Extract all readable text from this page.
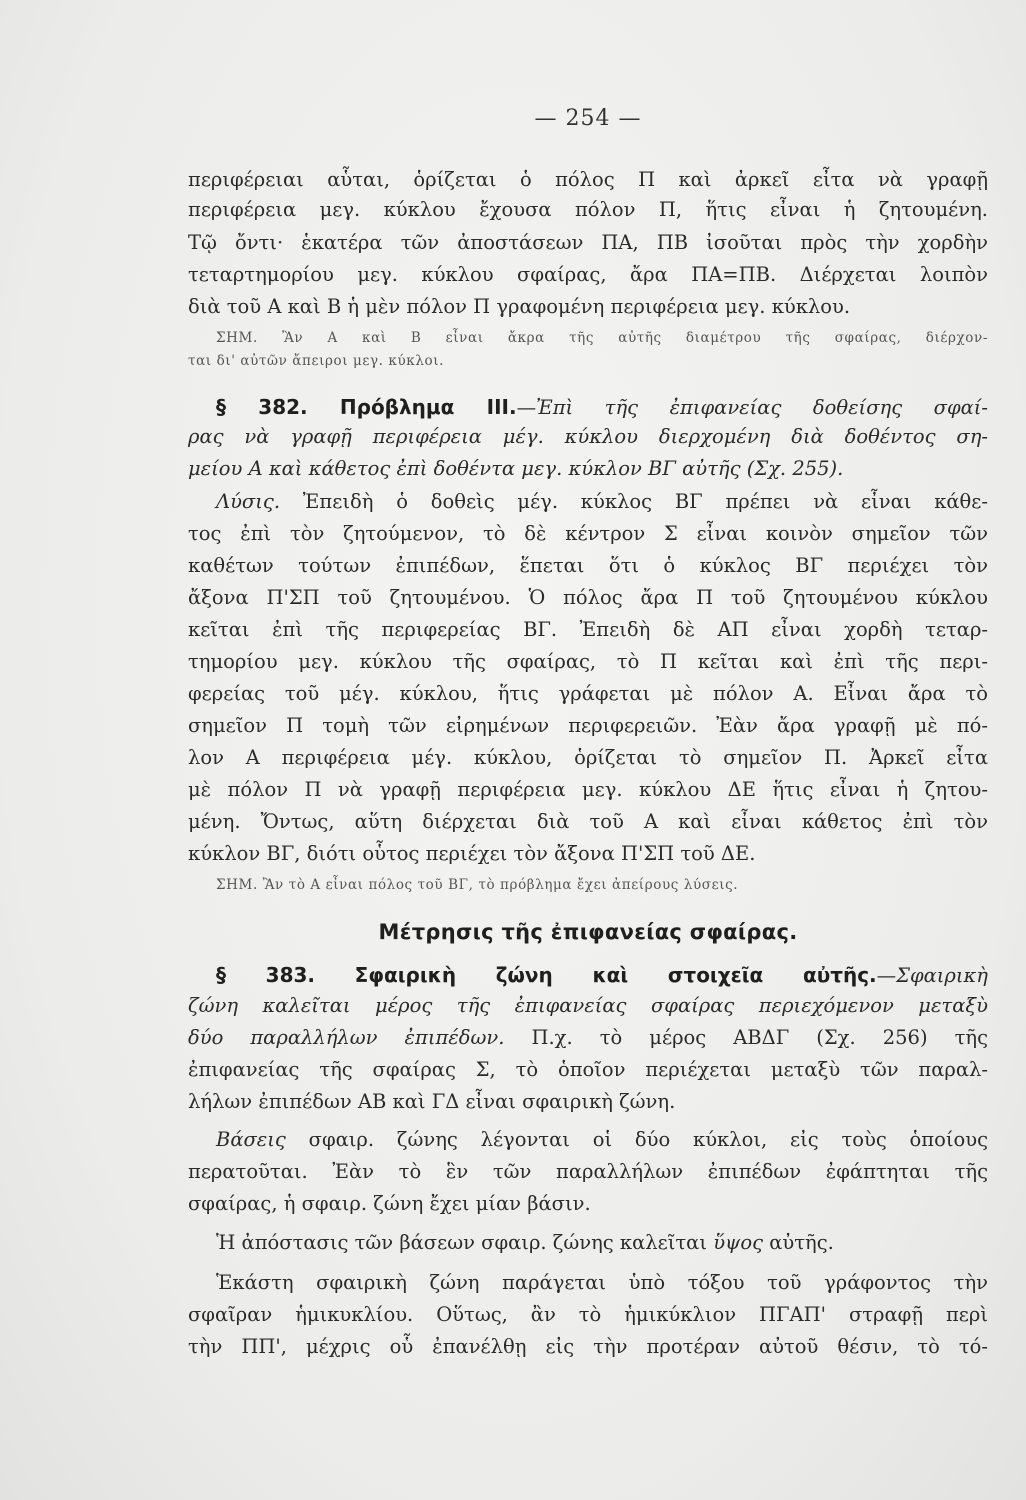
— 254 —
περιφέρειαι αὗται, ὁρίζεται ὁ πόλος Π καὶ ἀρκεῖ εἶτα νὰ γραφῇ
περιφέρεια μεγ. κύκλου ἔχουσα πόλον Π, ἥτις εἶναι ἡ ζητουμένη.
Τῷ ὄντι· ἑκατέρα τῶν ἀποστάσεων ΠΑ, ΠΒ ἰσοῦται πρὸς τὴν χορδὴν
τεταρτημορίου μεγ. κύκλου σφαίρας, ἄρα ΠΑ=ΠΒ. Διέρχεται λοιπὸν
διὰ τοῦ Α καὶ Β ἡ μὲν πόλον Π γραφομένη περιφέρεια μεγ. κύκλου.
ΣΗΜ. Ἂν Α καὶ Β εἶναι ἄκρα τῆς αὐτῆς διαμέτρου τῆς σφαίρας, διέρχον-
ται δι' αὐτῶν ἄπειροι μεγ. κύκλοι.
§ 382. Πρόβλημα ΙΙΙ.—Ἐπὶ τῆς ἐπιφανείας δοθείσης σφαί-
ρας νὰ γραφῇ περιφέρεια μέγ. κύκλου διερχομένη διὰ δοθέντος ση-
μείου Α καὶ κάθετος ἐπὶ δοθέντα μεγ. κύκλον ΒΓ αὐτῆς (Σχ. 255).
Λύσις. Ἐπειδὴ ὁ δοθεὶς μέγ. κύκλος ΒΓ πρέπει νὰ εἶναι κάθε-
τος ἐπὶ τὸν ζητούμενον, τὸ δὲ κέντρον Σ εἶναι κοινὸν σημεῖον τῶν
καθέτων τούτων ἐπιπέδων, ἕπεται ὅτι ὁ κύκλος ΒΓ περιέχει τὸν
ἄξονα Π'ΣΠ τοῦ ζητουμένου. Ὁ πόλος ἄρα Π τοῦ ζητουμένου κύκλου
κεῖται ἐπὶ τῆς περιφερείας ΒΓ. Ἐπειδὴ δὲ ΑΠ εἶναι χορδὴ τεταρ-
τημορίου μεγ. κύκλου τῆς σφαίρας, τὸ Π κεῖται καὶ ἐπὶ τῆς περι-
φερείας τοῦ μέγ. κύκλου, ἥτις γράφεται μὲ πόλον Α. Εἶναι ἄρα τὸ
σημεῖον Π τομὴ τῶν εἰρημένων περιφερειῶν. Ἐὰν ἄρα γραφῇ μὲ πό-
λον Α περιφέρεια μέγ. κύκλου, ὁρίζεται τὸ σημεῖον Π. Ἀρκεῖ εἶτα
μὲ πόλον Π νὰ γραφῇ περιφέρεια μεγ. κύκλου ΔΕ ἥτις εἶναι ἡ ζητου-
μένη. Ὄντως, αὕτη διέρχεται διὰ τοῦ Α καὶ εἶναι κάθετος ἐπὶ τὸν
κύκλον ΒΓ, διότι οὗτος περιέχει τὸν ἄξονα Π'ΣΠ τοῦ ΔΕ.
ΣΗΜ. Ἂν τὸ Α εἶναι πόλος τοῦ ΒΓ, τὸ πρόβλημα ἔχει ἀπείρους λύσεις.
Μέτρησις τῆς ἐπιφανείας σφαίρας.
§ 383. Σφαιρικὴ ζώνη καὶ στοιχεῖα αὐτῆς.—Σφαιρικὴ
ζώνη καλεῖται μέρος τῆς ἐπιφανείας σφαίρας περιεχόμενον μεταξὺ
δύο παραλλήλων ἐπιπέδων. Π.χ. τὸ μέρος ΑΒΔΓ (Σχ. 256) τῆς
ἐπιφανείας τῆς σφαίρας Σ, τὸ ὁποῖον περιέχεται μεταξὺ τῶν παραλ-
λήλων ἐπιπέδων ΑΒ καὶ ΓΔ εἶναι σφαιρικὴ ζώνη.
Βάσεις σφαιρ. ζώνης λέγονται οἱ δύο κύκλοι, εἰς τοὺς ὁποίους
περατοῦται. Ἐὰν τὸ ἓν τῶν παραλλήλων ἐπιπέδων ἐφάπτηται τῆς
σφαίρας, ἡ σφαιρ. ζώνη ἔχει μίαν βάσιν.
Ἡ ἀπόστασις τῶν βάσεων σφαιρ. ζώνης καλεῖται ὕψος αὐτῆς.
Ἑκάστη σφαιρικὴ ζώνη παράγεται ὑπὸ τόξου τοῦ γράφοντος τὴν
σφαῖραν ἡμικυκλίου. Οὕτως, ἂν τὸ ἡμικύκλιον ΠΓΑΠ' στραφῇ περὶ
τὴν ΠΠ', μέχρις οὗ ἐπανέλθῃ εἰς τὴν προτέραν αὐτοῦ θέσιν, τὸ τό-
